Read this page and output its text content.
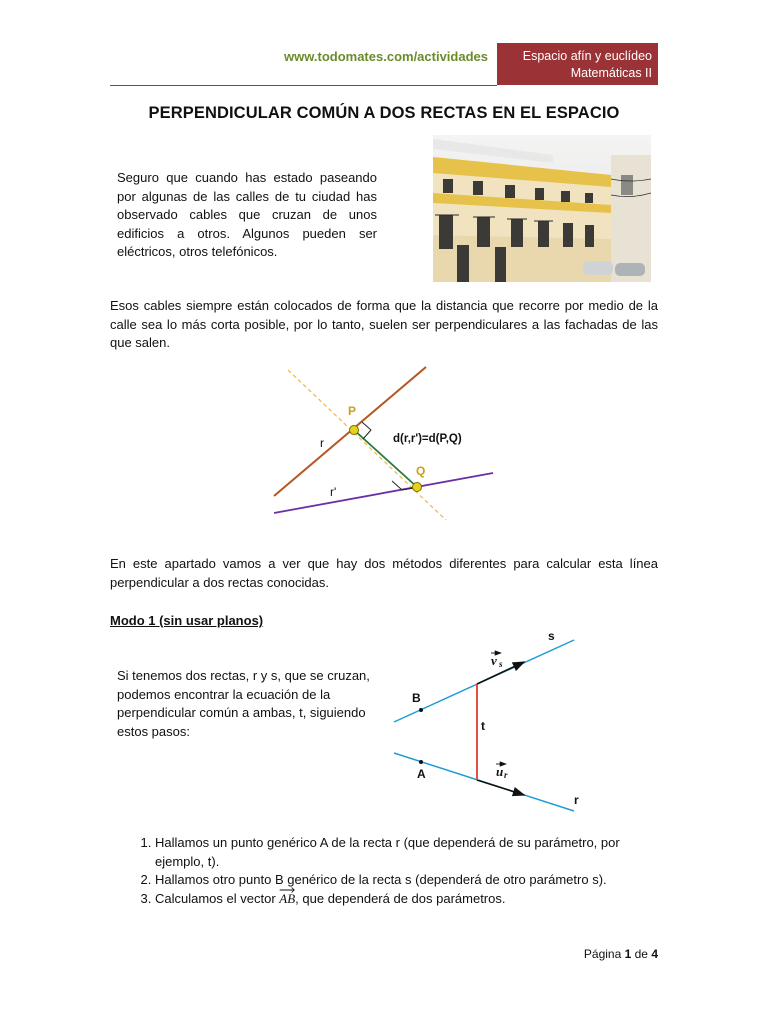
www.todomates.com/actividades	Espacio afín y euclídeo
Matemáticas II
PERPENDICULAR COMÚN A DOS RECTAS EN EL ESPACIO
Seguro que cuando has estado paseando por algunas de las calles de tu ciudad has observado cables que cruzan de unos edificios a otros. Algunos pueden ser eléctricos, otros telefónicos.
Esos cables siempre están colocados de forma que la distancia que recorre por medio de la calle sea lo más corta posible, por lo tanto, suelen ser perpendiculares a las fachadas de las que salen.
P
Q
r
r'
d(r,r')=d(P,Q)
En este apartado vamos a ver que hay dos métodos diferentes para calcular esta línea perpendicular a dos rectas conocidas.
Modo 1 (sin usar planos)
Si tenemos dos rectas, r y s, que se cruzan, podemos encontrar la ecuación de la perpendicular común a ambas, t, siguiendo estos pasos:
s
r
t
B
A
v s
u r
1. Hallamos un punto genérico A de la recta r (que dependerá de su parámetro, por ejemplo, t).
2. Hallamos otro punto B genérico de la recta s (dependerá de otro parámetro s).
3. Calculamos el vector
AB, que dependerá de dos parámetros.
Página 1 de 4
